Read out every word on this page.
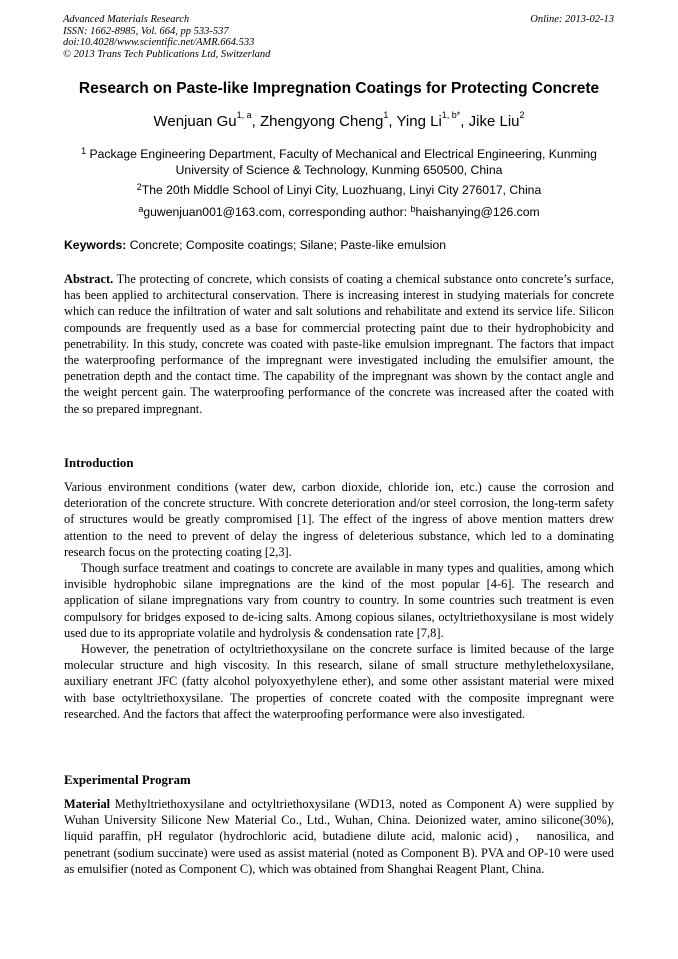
Advanced Materials Research
ISSN: 1662-8985, Vol. 664, pp 533-537
doi:10.4028/www.scientific.net/AMR.664.533
© 2013 Trans Tech Publications Ltd, Switzerland
Online: 2013-02-13
Research on Paste-like Impregnation Coatings for Protecting Concrete
Wenjuan Gu$^{1, a}$, Zhengyong Cheng$^1$, Ying $Li^{1, b*}$, Jike Liu$^2$
$^1$ Package Engineering Department, Faculty of Mechanical and Electrical Engineering, Kunming
University of Science & Technology, Kunming 650500, China
$^2$The 20th Middle School of Linyi City, Luozhuang, Linyi City 276017, China
$^a$guwenjuan001@163.com, corresponding author: $^b$haishanying@126.com
Keywords: Concrete; Composite coatings; Silane; Paste-like emulsion

Abstract. The protecting of concrete, which consists of coating a chemical substance onto concrete’s surface, has been applied to architectural conservation. There is increasing interest in studying materials for concrete which can reduce the infiltration of water and salt solutions and rehabilitate and extend its service life. Silicon compounds are frequently used as a base for commercial protecting paint due to their hydrophobicity and penetrability. In this study, concrete was coated with paste-like emulsion impregnant. The factors that impact the waterproofing performance of the impregnant were investigated including the emulsifier amount, the penetration depth and the contact time. The capability of the impregnant was shown by the contact angle and the weight percent gain. The waterproofing performance of the concrete was increased after the coated with the so prepared impregnant.

Introduction

Various environment conditions (water dew, carbon dioxide, chloride ion, etc.) cause the corrosion and deterioration of the concrete structure. With concrete deterioration and/or steel corrosion, the long-term safety of structures would be greatly compromised [1]. The effect of the ingress of above mention matters drew attention to the need to prevent of delay the ingress of deleterious substance, which led to a dominating research focus on the protecting coating [2,3].

Though surface treatment and coatings to concrete are available in many types and qualities, among which invisible hydrophobic silane impregnations are the kind of the most popular [4-6]. The research and application of silane impregnations vary from country to country. In some countries such treatment is even compulsory for bridges exposed to de-icing salts. Among copious silanes, octyltriethoxysilane is most widely used due to its appropriate volatile and hydrolysis & condensation rate [7,8].

However, the penetration of octyltriethoxysilane on the concrete surface is limited because of the large molecular structure and high viscosity. In this research, silane of small structure methyletheloxysilane, auxiliary enetrant JFC (fatty alcohol polyoxyethylene ether), and some other assistant material were mixed with base octyltriethoxysilane. The properties of concrete coated with the composite impregnant were researched. And the factors that affect the waterproofing performance were also investigated.

Experimental Program

Material Methyltriethoxysilane and octyltriethoxysilane (WD13, noted as Component A) were supplied by Wuhan University Silicone New Material Co., Ltd., Wuhan, China. Deionized water, amino silicone(30%), liquid paraffin, pH regulator (hydrochloric acid, butadiene dilute acid, malonic acid)， nanosilica, and penetrant (sodium succinate) were used as assist material (noted as Component B). PVA and OP-10 were used as emulsifier (noted as Component C), which was obtained from Shanghai Reagent Plant, China.
